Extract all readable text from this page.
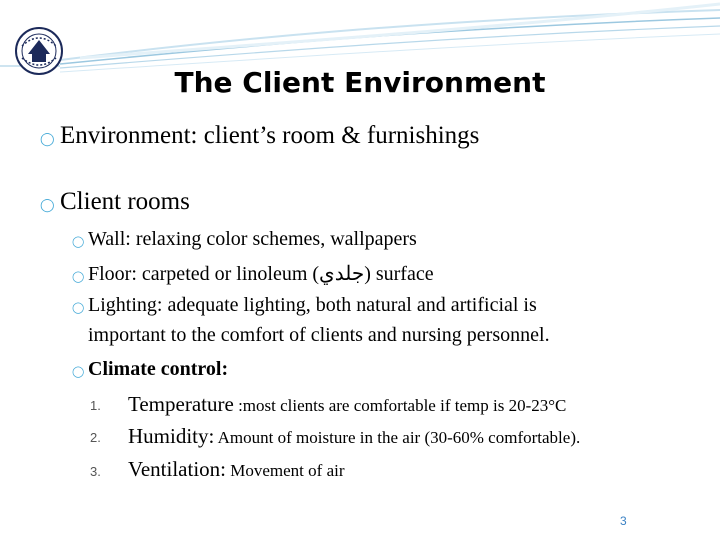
The Client Environment
◯ Environment: client’s room & furnishings
◯ Client rooms
◯ Wall: relaxing color schemes, wallpapers
◯ Floor: carpeted or linoleum (جلدي) surface
◯ Lighting: adequate lighting, both natural and artificial is
important to the comfort of clients and nursing personnel.
◯ Climate control:
1. Temperature :most clients are comfortable if temp is 20-23°C
2. Humidity: Amount of moisture in the air (30-60% comfortable).
3. Ventilation: Movement of air
3
